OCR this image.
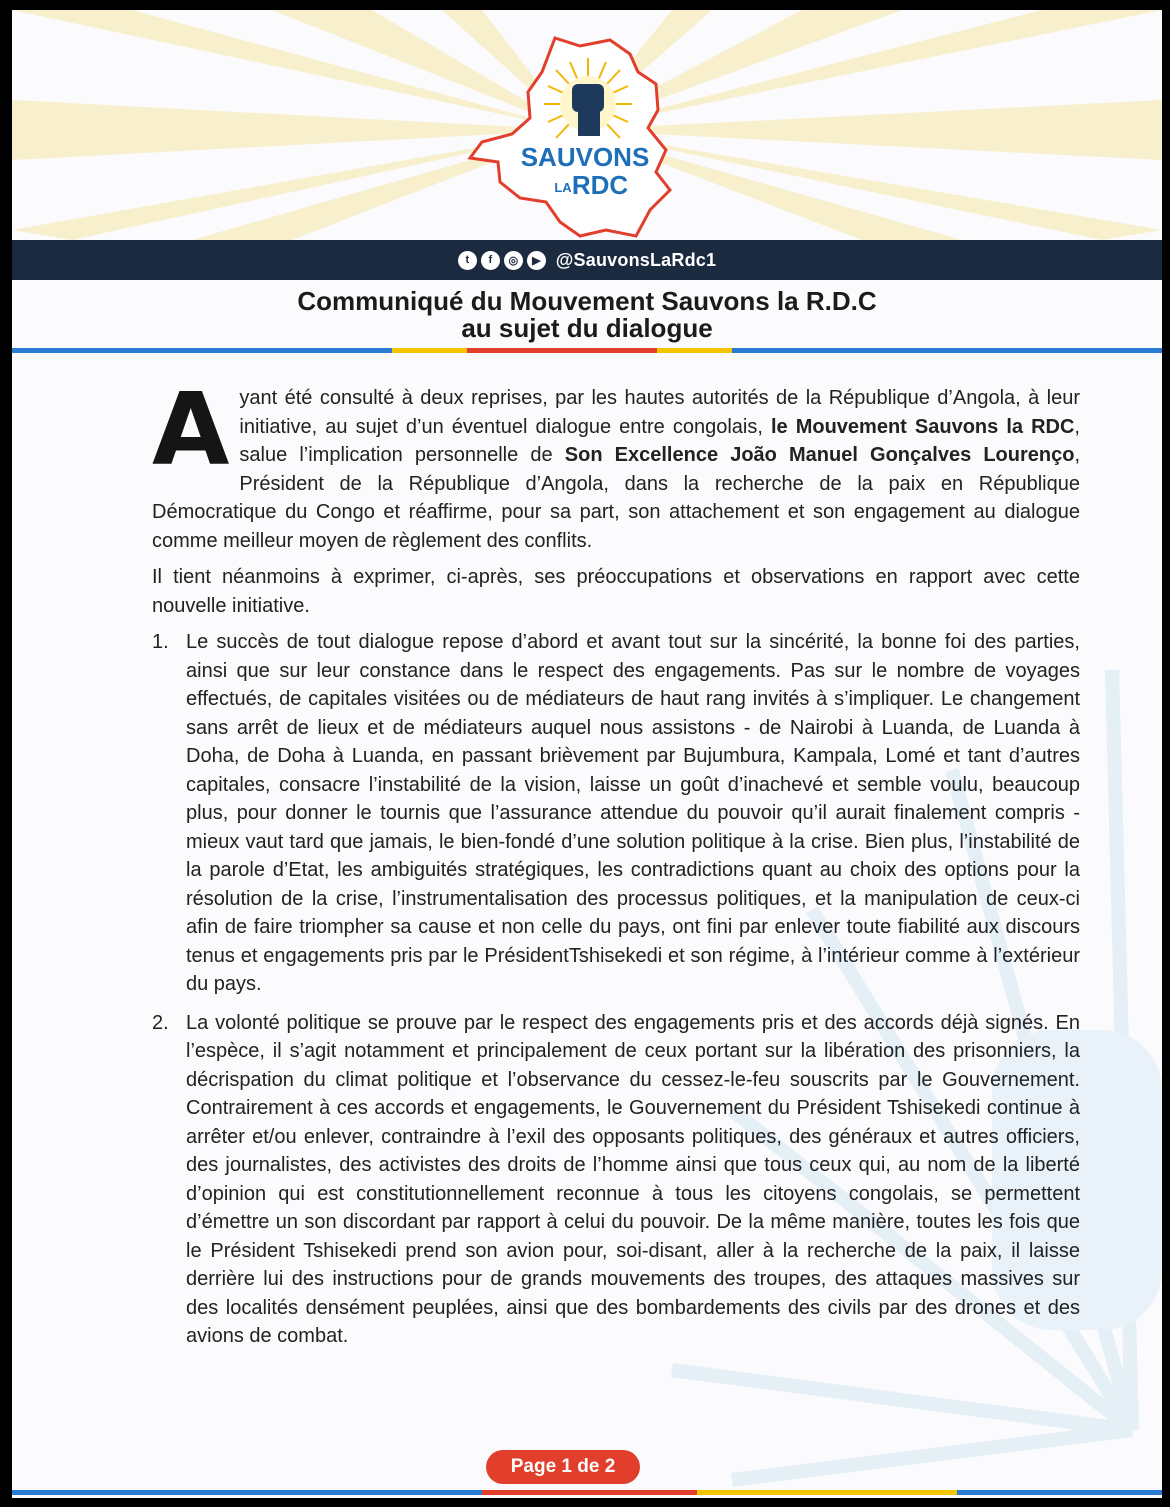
SAUVONS
LA RDC
t	f	◎	▶ @SauvonsLaRdc1
Communiqué du Mouvement Sauvons la R.D.C
au sujet du dialogue

Ayant été consulté à deux reprises, par les hautes autorités de la République d’Angola, à leur initiative, au sujet d’un éventuel dialogue entre congolais, le Mouvement Sauvons la RDC, salue l’implication personnelle de Son Excellence João Manuel Gonçalves Lourenço, Président de la République d’Angola, dans la recherche de la paix en République Démocratique du Congo et réaffirme, pour sa part, son attachement et son engagement au dialogue comme meilleur moyen de règlement des conflits.

Il tient néanmoins à exprimer, ci-après, ses préoccupations et observations en rapport avec cette nouvelle initiative.

1. Le succès de tout dialogue repose d’abord et avant tout sur la sincérité, la bonne foi des parties, ainsi que sur leur constance dans le respect des engagements. Pas sur le nombre de voyages effectués, de capitales visitées ou de médiateurs de haut rang invités à s’impliquer. Le changement sans arrêt de lieux et de médiateurs auquel nous assistons - de Nairobi à Luanda, de Luanda à Doha, de Doha à Luanda, en passant brièvement par Bujumbura, Kampala, Lomé et tant d’autres capitales, consacre l’instabilité de la vision, laisse un goût d’inachevé et semble voulu, beaucoup plus, pour donner le tournis que l’assurance attendue du pouvoir qu’il aurait finalement compris - mieux vaut tard que jamais, le bien-fondé d’une solution politique à la crise. Bien plus, l’instabilité de la parole d’Etat, les ambiguités stratégiques, les contradictions quant au choix des options pour la résolution de la crise, l’instrumentalisation des processus politiques, et la manipulation de ceux-ci afin de faire triompher sa cause et non celle du pays, ont fini par enlever toute fiabilité aux discours tenus et engagements pris par le PrésidentTshisekedi et son régime, à l’intérieur comme à l’extérieur du pays.
2. La volonté politique se prouve par le respect des engagements pris et des accords déjà signés. En l’espèce, il s’agit notamment et principalement de ceux portant sur la libération des prisonniers, la décrispation du climat politique et l’observance du cessez-le-feu souscrits par le Gouvernement. Contrairement à ces accords et engagements, le Gouvernement du Président Tshisekedi continue à arrêter et/ou enlever, contraindre à l’exil des opposants politiques, des généraux et autres officiers, des journalistes, des activistes des droits de l’homme ainsi que tous ceux qui, au nom de la liberté d’opinion qui est constitutionnellement reconnue à tous les citoyens congolais, se permettent d’émettre un son discordant par rapport à celui du pouvoir. De la même manière, toutes les fois que le Président Tshisekedi prend son avion pour, soi-disant, aller à la recherche de la paix, il laisse derrière lui des instructions pour de grands mouvements des troupes, des attaques massives sur des localités densément peuplées, ainsi que des bombardements des civils par des drones et des avions de combat.
Page 1 de 2
